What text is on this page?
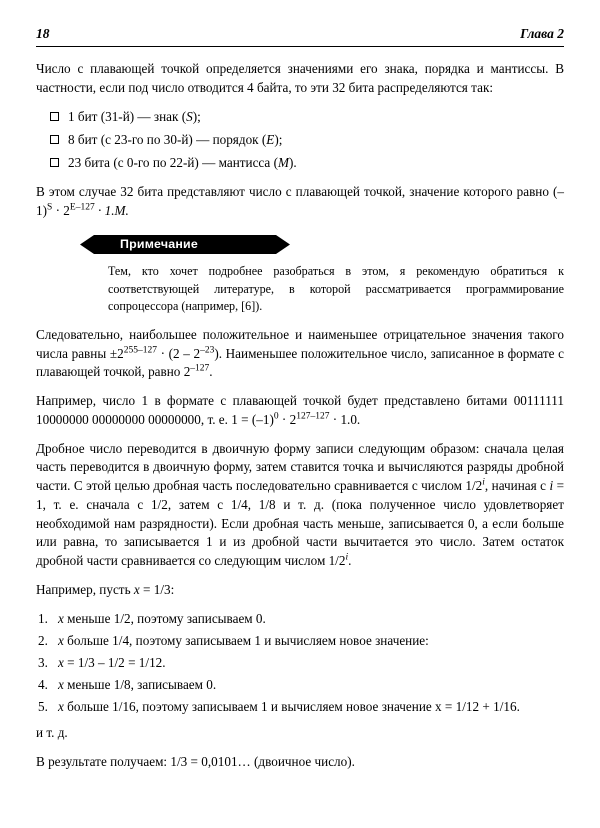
18	Глава 2

Число с плавающей точкой определяется значениями его знака, порядка и мантиссы. В частности, если под число отводится 4 байта, то эти 32 бита распределяются так:

1 бит (31-й) — знак (S);
8 бит (с 23-го по 30-й) — порядок (E);
23 бита (с 0-го по 22-й) — мантисса (M).

В этом случае 32 бита представляют число с плавающей точкой, значение которого равно $(-1)^S \cdot 2^{E-127} \cdot 1.M$.

Примечание
Тем, кто хочет подробнее разобраться в этом, я рекомендую обратиться к соответствующей литературе, в которой рассматривается программирование сопроцессора (например, [6]).

Следовательно, наибольшее положительное и наименьшее отрицательное значения такого числа равны $\pm 2^{255-127} \cdot (2 - 2^{-23})$. Наименьшее положительное число, записанное в формате с плавающей точкой, равно $2^{-127}$.

Например, число 1 в формате с плавающей точкой будет представлено битами 00111111 10000000 00000000 00000000, т. е. $1 = (-1)^0 \cdot 2^{127-127} \cdot 1.0$.

Дробное число переводится в двоичную форму записи следующим образом: сначала целая часть переводится в двоичную форму, затем ставится точка и вычисляются разряды дробной части. С этой целью дробная часть последовательно сравнивается с числом 1/2$^i$, начиная с i = 1, т. е. сначала с 1/2, затем с 1/4, 1/8 и т. д. (пока полученное число удовлетворяет необходимой нам разрядности). Если дробная часть меньше, записывается 0, а если больше или равна, то записывается 1 и из дробной части вычитается это число. Затем остаток дробной части сравнивается со следующим числом 1/2$^i$.

Например, пусть x = 1/3:

x меньше 1/2, поэтому записываем 0.
x больше 1/4, поэтому записываем 1 и вычисляем новое значение:
x = 1/3 – 1/2 = 1/12.
x меньше 1/8, записываем 0.
x больше 1/16, поэтому записываем 1 и вычисляем новое значение x = 1/12 + 1/16.

и т. д.

В результате получаем: 1/3 = 0,0101… (двоичное число).
